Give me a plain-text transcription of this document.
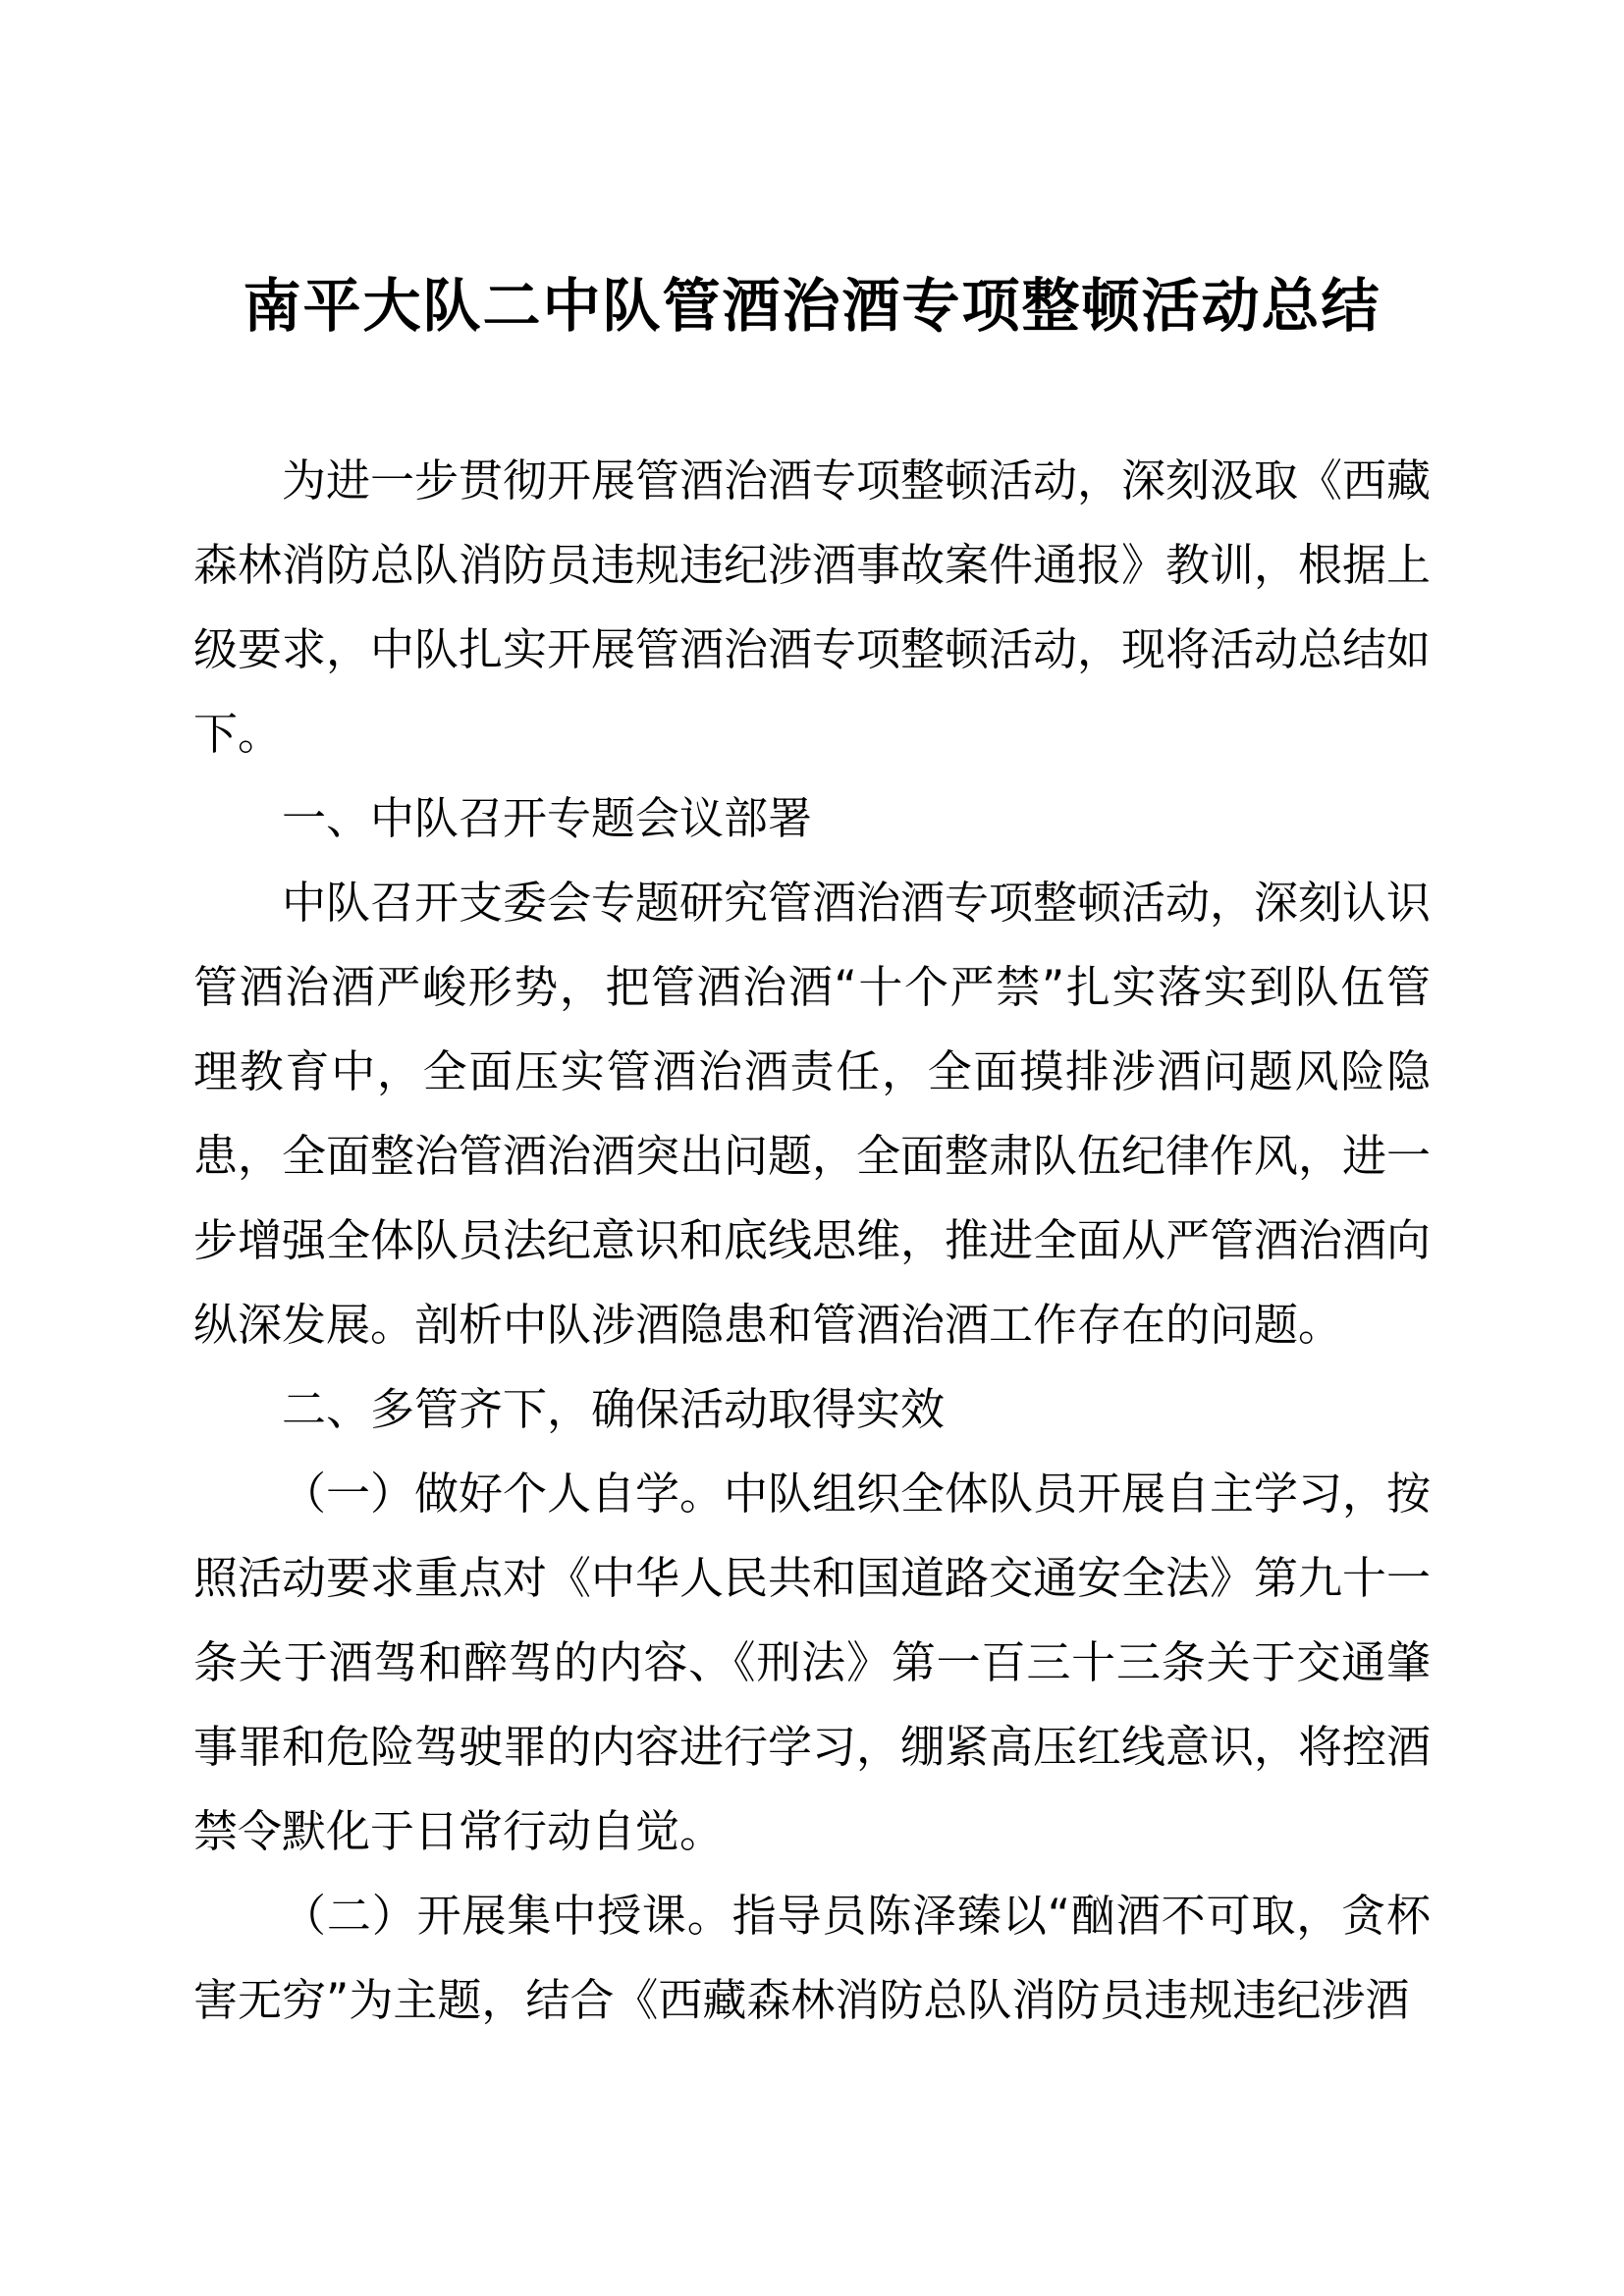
南平大队二中队管酒治酒专项整顿活动总结

为进一步贯彻开展管酒治酒专项整顿活动，深刻汲取《西藏森林消防总队消防员违规违纪涉酒事故案件通报》教训，根据上级要求，中队扎实开展管酒治酒专项整顿活动，现将活动总结如下。

一、中队召开专题会议部署

中队召开支委会专题研究管酒治酒专项整顿活动，深刻认识管酒治酒严峻形势，把管酒治酒“十个严禁”扎实落实到队伍管理教育中，全面压实管酒治酒责任，全面摸排涉酒问题风险隐患，全面整治管酒治酒突出问题，全面整肃队伍纪律作风，进一步增强全体队员法纪意识和底线思维，推进全面从严管酒治酒向纵深发展。剖析中队涉酒隐患和管酒治酒工作存在的问题。

二、多管齐下，确保活动取得实效

（一）做好个人自学。中队组织全体队员开展自主学习，按照活动要求重点对《中华人民共和国道路交通安全法》第九十一条关于酒驾和醉驾的内容、《刑法》第一百三十三条关于交通肇事罪和危险驾驶罪的内容进行学习，绷紧高压红线意识，将控酒禁令默化于日常行动自觉。

（二）开展集中授课。指导员陈泽臻以“酗酒不可取，贪杯害无穷”为主题，结合《西藏森林消防总队消防员违规违纪涉酒
